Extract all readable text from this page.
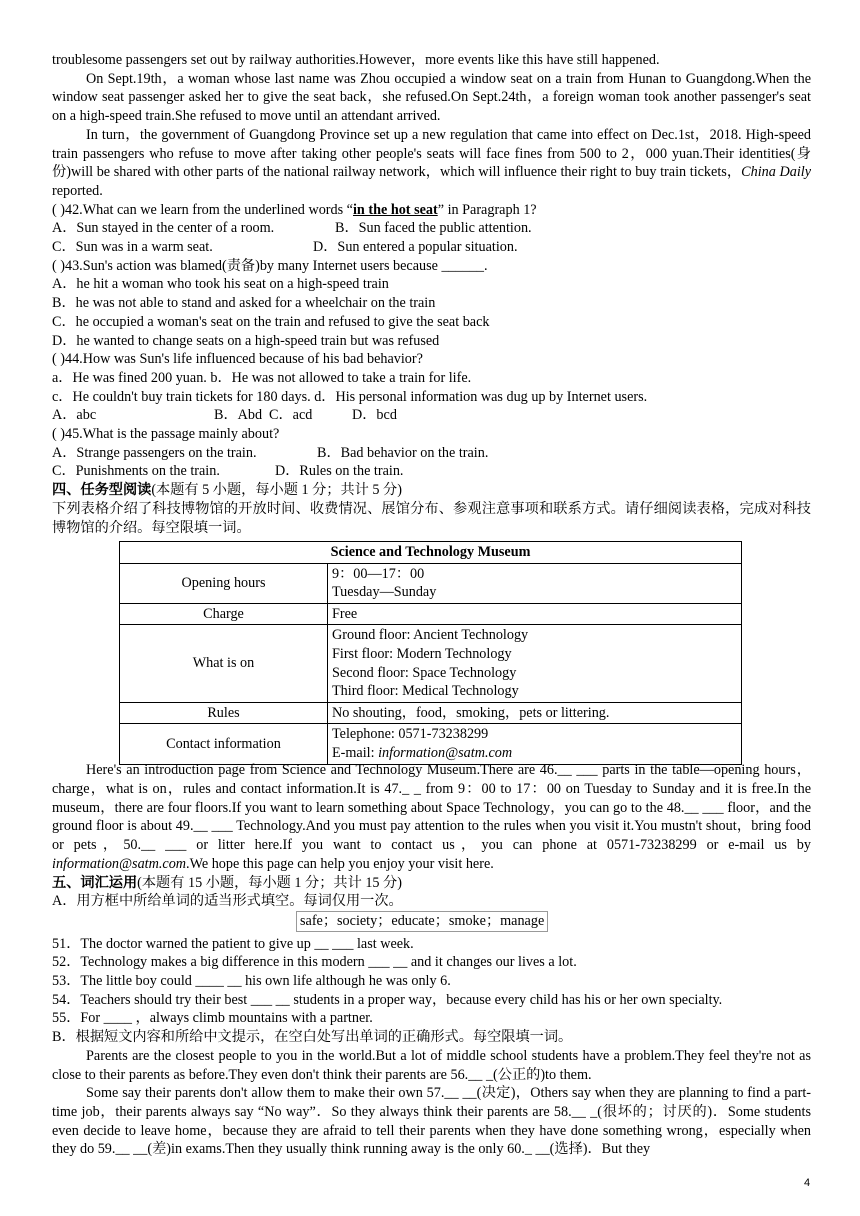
troublesome passengers set out by railway authorities.However，more events like this have still happened.

On Sept.19th，a woman whose last name was Zhou occupied a window seat on a train from Hunan to Guangdong.When the window seat passenger asked her to give the seat back，she refused.On Sept.24th，a foreign woman took another passenger's seat on a high-speed train.She refused to move until an attendant arrived.

In turn，the government of Guangdong Province set up a new regulation that came into effect on Dec.1st，2018. High-speed train passengers who refuse to move after taking other people's seats will face fines from 500 to 2，000 yuan.Their identities(身份)will be shared with other parts of the national railway network，which will influence their right to buy train tickets，China Daily reported.

( )42.What can we learn from the underlined words “in the hot seat” in Paragraph 1?

A．Sun stayed in the center of a room.	B．Sun faced the public attention.

C．Sun was in a warm seat.	D．Sun entered a popular situation.

( )43.Sun's action was blamed(责备)by many Internet users because ______.

A．he hit a woman who took his seat on a high-speed train

B．he was not able to stand and asked for a wheelchair on the train

C．he occupied a woman's seat on the train and refused to give the seat back

D．he wanted to change seats on a high-speed train but was refused

( )44.How was Sun's life influenced because of his bad behavior?

a．He was fined 200 yuan. b．He was not allowed to take a train for life.

c．He couldn't buy train tickets for 180 days. d．His personal information was dug up by Internet users.

A．abc	B．Abd C．acd	D．bcd

( )45.What is the passage mainly about?

A．Strange passengers on the train.	B．Bad behavior on the train.

C．Punishments on the train.	D．Rules on the train.

四、任务型阅读(本题有 5 小题，每小题 1 分；共计 5 分)

下列表格介绍了科技博物馆的开放时间、收费情况、展馆分布、参观注意事项和联系方式。请仔细阅读表格，完成对科技博物馆的介绍。每空限填一词。

Here's an introduction page from Science and Technology Museum.There are 46.__ ___ parts in the table—opening hours，charge，what is on，rules and contact information.It is 47._ _ from 9：00 to 17：00 on Tuesday to Sunday and it is free.In the museum，there are four floors.If you want to learn something about Space Technology，you can go to the 48.__ ___ floor，and the ground floor is about 49.__ ___ Technology.And you must pay attention to the rules when you visit it.You mustn't shout，bring food or pets，50.__ ___ or litter here.If you want to contact us，you can phone at 0571-73238299 or e-mail us by information@satm.com.We hope this page can help you enjoy your visit here.

五、词汇运用(本题有 15 小题，每小题 1 分；共计 15 分)

A．用方框中所给单词的适当形式填空。每词仅用一次。

safe；society；educate；smoke；manage

51．The doctor warned the patient to give up __ ___ last week.

52．Technology makes a big difference in this modern ___ __ and it changes our lives a lot.

53．The little boy could ____ __ his own life although he was only 6.

54．Teachers should try their best ___ __ students in a proper way，because every child has his or her own specialty.

55．For ____ ，always climb mountains with a partner.

B．根据短文内容和所给中文提示，在空白处写出单词的正确形式。每空限填一词。

Parents are the closest people to you in the world.But a lot of middle school students have a problem.They feel they're not as close to their parents as before.They even don't think their parents are 56.__ _(公正的)to them.

Some say their parents don't allow them to make their own 57.__ __(决定)，Others say when they are planning to find a part-time job，their parents always say “No way”．So they always think their parents are 58.__ _(很坏的；讨厌的)．Some students even decide to leave home，because they are afraid to tell their parents when they have done something wrong，especially when they do 59.__ __(差)in exams.Then they usually think running away is the only 60._ __(选择)．But they

Science and Technology Museum	
Opening hours	9：00—17：00
Tuesday—Sunday

Charge	Free
What is on	Ground floor: Ancient Technology
First floor: Modern Technology
Second floor: Space Technology
Third floor: Medical Technology

Rules	No shouting，food，smoking，pets or littering.
Contact information	Telephone: 0571-73238299
E-mail: information@satm.com
4
